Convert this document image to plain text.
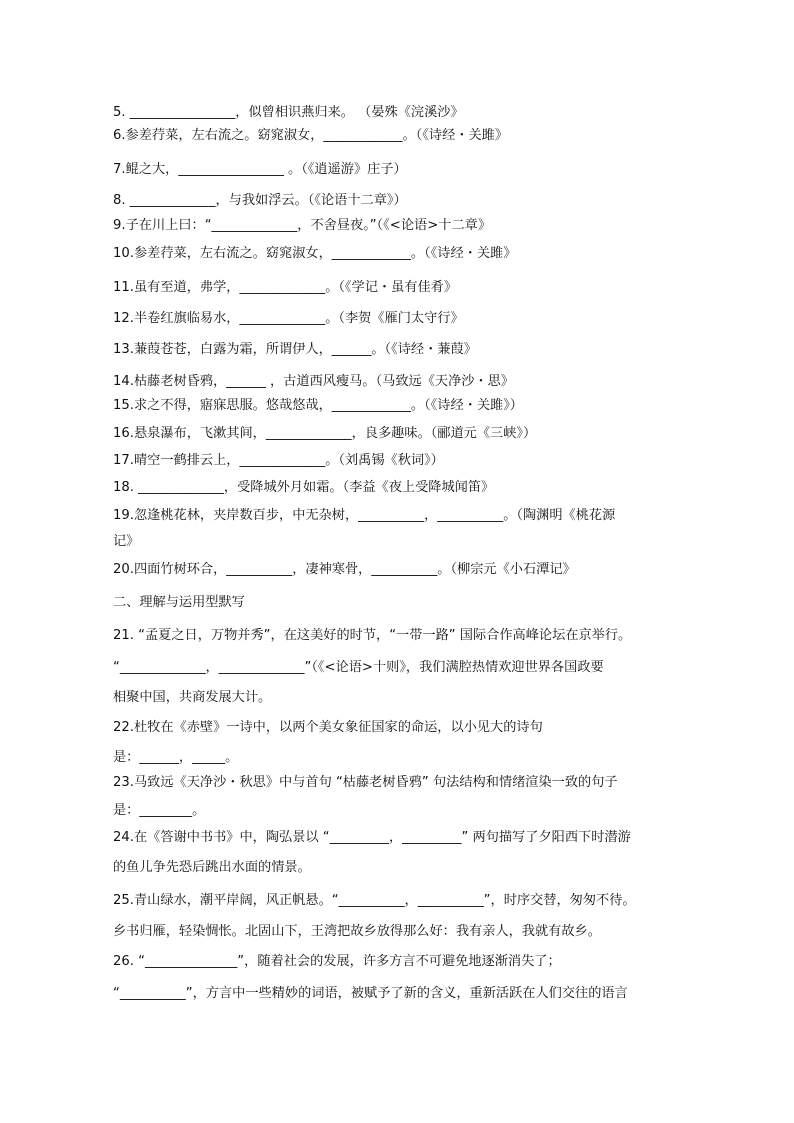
5. ________________，似曾相识燕归来。 （晏殊《浣溪沙》
6.参差荇菜，左右流之。窈窕淑女，____________。（《诗经・关雎》
7.鲲之大，________________ 。（《逍遥游》庄子）
8. _____________，与我如浮云。（《论语十二章》）
9.子在川上曰：“_____________，不舍昼夜。”（《<论语>十二章》
10.参差荇菜，左右流之。窈窕淑女，____________。（《诗经・关雎》
11.虽有至道，弗学，_____________。（《学记・虽有佳肴》
12.半卷红旗临易水，_____________。（李贺《雁门太守行》
13.蒹葭苍苍，白露为霜，所谓伊人，______。（《诗经・蒹葭》
14.枯藤老树昏鸦，______ ，古道西风瘦马。（马致远《天净沙・思》
15.求之不得，寤寐思服。悠哉悠哉，____________。（《诗经・关雎》）
16.悬泉瀑布，飞漱其间，_____________，良多趣味。（郦道元《三峡》）
17.晴空一鹤排云上，_____________。（刘禹锡《秋词》）
18. _____________，受降城外月如霜。（李益《夜上受降城闻笛》
19.忽逢桃花林，夹岸数百步，中无杂树，__________，__________。（陶渊明《桃花源
记》
20.四面竹树环合，__________，凄神寒骨，__________。（柳宗元《小石潭记》
二、理解与运用型默写
21. “孟夏之日，万物并秀”，在这美好的时节，“一带一路” 国际合作高峰论坛在京举行。
“_____________，_____________”（《<论语>十则》，我们满腔热情欢迎世界各国政要
相聚中国，共商发展大计。
22.杜牧在《赤壁》一诗中，以两个美女象征国家的命运，以小见大的诗句
是：______，_____。
23.马致远《天净沙・秋思》中与首句 “枯藤老树昏鸦” 句法结构和情绪渲染一致的句子
是：________。
24.在《答谢中书书》中，陶弘景以 “_________，_________” 两句描写了夕阳西下时潜游
的鱼儿争先恐后跳出水面的情景。
25.青山绿水，潮平岸阔，风正帆悬。“__________，__________”，时序交替，匆匆不待。
乡书归雁，轻染惆怅。北固山下，王湾把故乡放得那么好：我有亲人，我就有故乡。
26. “______________”，随着社会的发展，许多方言不可避免地逐渐消失了；
“__________”，方言中一些精妙的词语，被赋予了新的含义，重新活跃在人们交往的语言
